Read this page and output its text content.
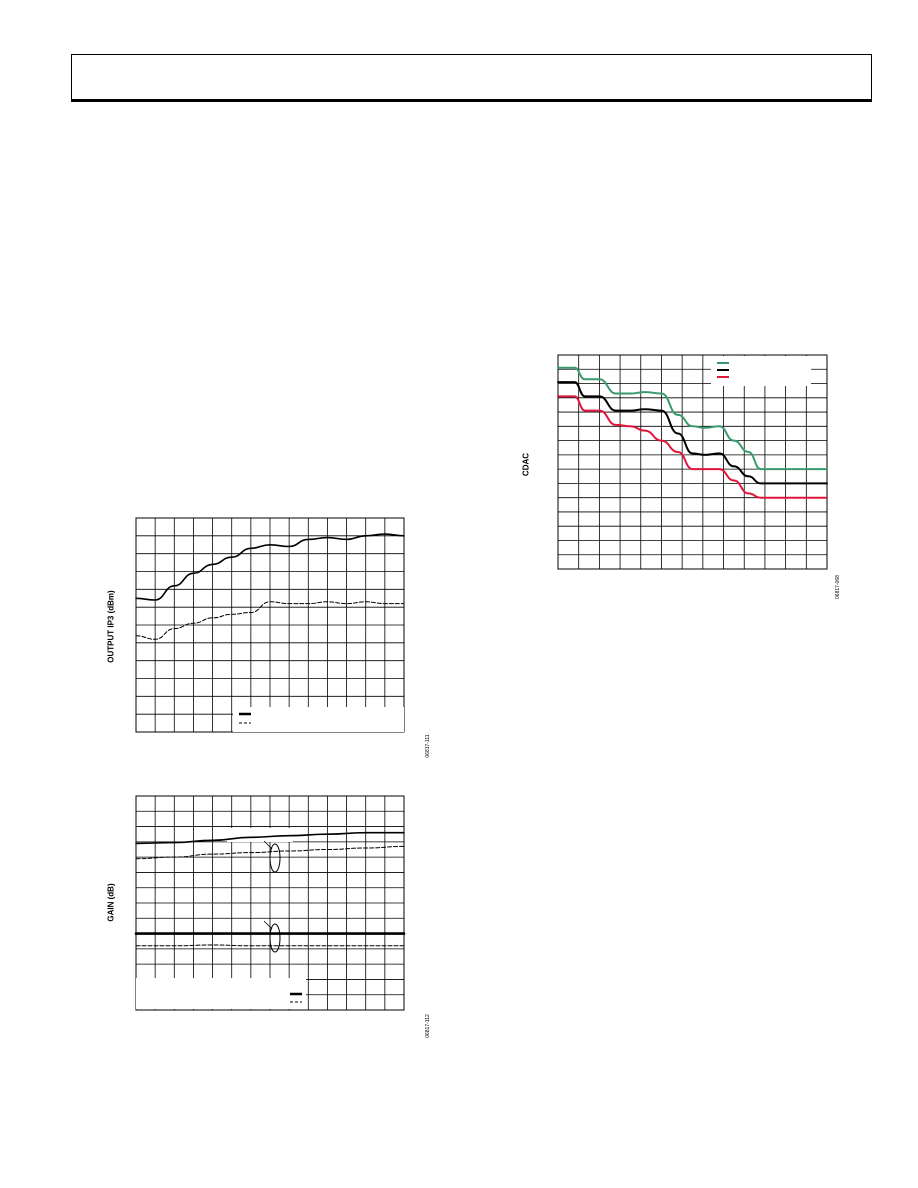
OUTPUT IP3 (dBm)
06817-111
GAIN (dB)
06817-112
CDAC
06817-068
